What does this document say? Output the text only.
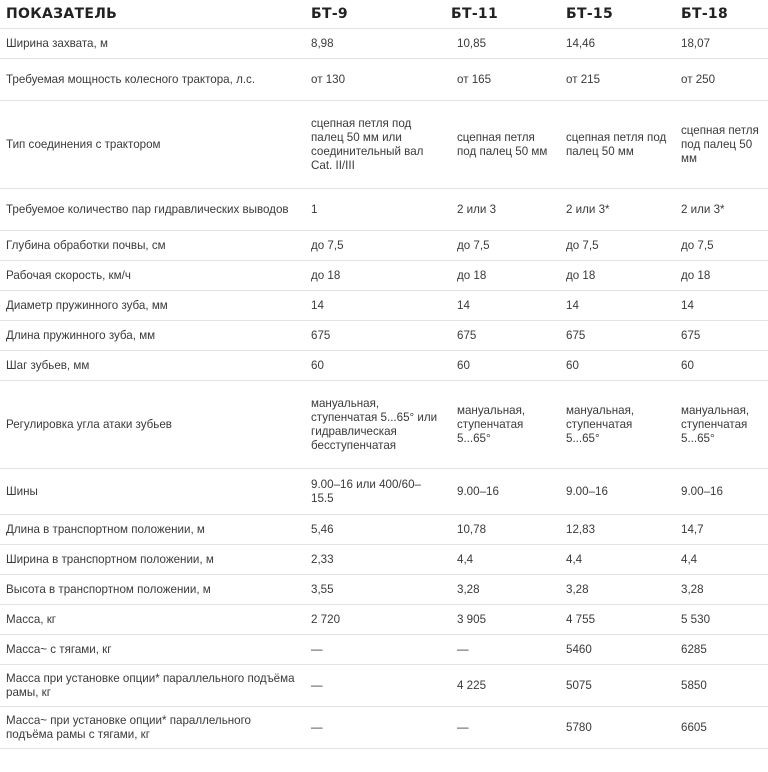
ПОКАЗАТЕЛЬ	БТ-9	БТ-11	БТ-15	БТ-18
Ширина захвата, м	8,98	10,85	14,46	18,07
Требуемая мощность колесного трактора, л.с.	от 130	от 165	от 215	от 250
Тип соединения с трактором	сцепная петля под палец 50 мм или соединительный вал Cat. II/III	сцепная петля под палец 50 мм	сцепная петля под палец 50 мм	сцепная петля под палец 50 мм
Требуемое количество пар гидравлических выводов	1	2 или 3	2 или 3*	2 или 3*
Глубина обработки почвы, см	до 7,5	до 7,5	до 7,5	до 7,5
Рабочая скорость, км/ч	до 18	до 18	до 18	до 18
Диаметр пружинного зуба, мм	14	14	14	14
Длина пружинного зуба, мм	675	675	675	675
Шаг зубьев, мм	60	60	60	60
Регулировка угла атаки зубьев	мануальная, ступенчатая 5...65° или гидравлическая бесступенчатая	мануальная, ступенчатая 5...65°	мануальная, ступенчатая 5...65°	мануальная, ступенчатая 5...65°
Шины	9.00–16 или 400/60–15.5	9.00–16	9.00–16	9.00–16
Длина в транспортном положении, м	5,46	10,78	12,83	14,7
Ширина в транспортном положении, м	2,33	4,4	4,4	4,4
Высота в транспортном положении, м	3,55	3,28	3,28	3,28
Масса, кг	2 720	3 905	4 755	5 530
Масса~ с тягами, кг	—	—	5460	6285
Масса при установке опции* параллельного подъёма рамы, кг	—	4 225	5075	5850
Масса~ при установке опции* параллельного подъёма рамы с тягами, кг	—	—	5780	6605
